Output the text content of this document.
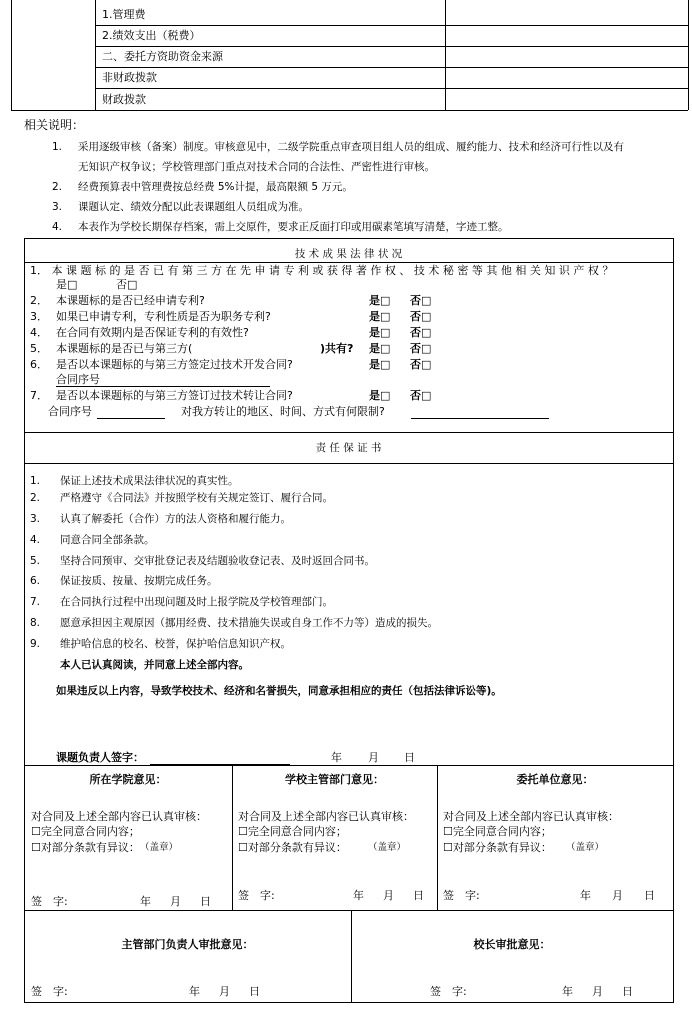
1.管理费
2.绩效支出（税费）
二、委托方资助资金来源
非财政拨款
财政拨款
相关说明：
1. 采用逐级审核（备案）制度。审核意见中，二级学院重点审查项目组人员的组成、履约能力、技术和经济可行性以及有
无知识产权争议；学校管理部门重点对技术合同的合法性、严密性进行审核。
2. 经费预算表中管理费按总经费 5%计提，最高限额 5 万元。
3. 课题认定、绩效分配以此表课题组人员组成为准。
4. 本表作为学校长期保存档案，需上交原件，要求正反面打印或用碳素笔填写清楚，字迹工整。
技 术 成 果 法 律 状 况
1． 本 课 题 标 的 是 否 已 有 第 三 方 在 先 申 请 专 利 或 获 得 著 作 权 、 技 术 秘 密 等 其 他 相 关 知 识 产 权 ？
是□	否□
2． 本课题标的是否已经申请专利?	是□ 否□
3． 如果已申请专利，专利性质是否为职务专利?	是□ 否□
4． 在合同有效期内是否保证专利的有效性?	是□ 否□
5． 本课题标的是否已与第三方(	)共有? 是□ 否□
6． 是否以本课题标的与第三方签定过技术开发合同?	是□ 否□
合同序号
7． 是否以本课题标的与第三方签订过技术转让合同?	是□ 否□
合同序号	对我方转让的地区、时间、方式有何限制?
责 任 保 证 书
1. 保证上述技术成果法律状况的真实性。
2. 严格遵守《合同法》并按照学校有关规定签订、履行合同。
3. 认真了解委托（合作）方的法人资格和履行能力。
4. 同意合同全部条款。
5. 坚持合同预审、交审批登记表及结题验收登记表、及时返回合同书。
6. 保证按质、按量、按期完成任务。
7. 在合同执行过程中出现问题及时上报学院及学校管理部门。
8. 愿意承担因主观原因（挪用经费、技术措施失误或自身工作不力等）造成的损失。
9. 维护哈信息的校名、校誉，保护哈信息知识产权。
本人已认真阅读，并同意上述全部内容。
如果违反以上内容，导致学校技术、经济和名誉损失，同意承担相应的责任（包括法律诉讼等)。
课题负责人签字：	年 月 日
所在学院意见：
对合同及上述全部内容已认真审核：
☐完全同意合同内容；
☐对部分条款有异议： （盖章）
签　字:	年 月 日
学校主管部门意见：
对合同及上述全部内容已认真审核：
☐完全同意合同内容；
☐对部分条款有异议： （盖章）
签　字:	年 月 日
委托单位意见：
对合同及上述全部内容已认真审核：
☐完全同意合同内容；
☐对部分条款有异议： （盖章）
签　字:	年 月 日
主管部门负责人审批意见：
签　字:	年 月 日
校长审批意见：
签　字:	年 月 日
